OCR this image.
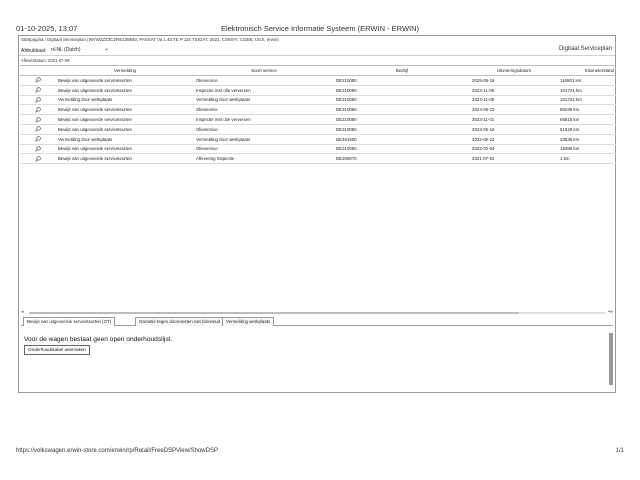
01-10-2025, 13:07	Elektronisch Service Informatie Systeem (ERWIN - ERWIN)
Startpagina / Digitaal Serviceplan (WVWZZZ3CZRE139540, PASSAT Va 1.4GTE P 115 TSI/2AT, 2021, CS6SYI, CGEB, UGS, erwin)
Afdrukbaal: nl-NL (Dutch)	⌄	Digitaal Serviceplan
Afleverdatum: 2021-07-09
	Vermelding	Soort service	Bedrijf	Uitvoeringsdatum	Kilometerstand

	Bewijs van uitgevoerde serviceteurten	Olieservice	DE210080	2025-06-16	116501 km

	Bewijs van uitgevoerde serviceteurten	Inspectie met olie verversen	DE210080	2024-11-08	101721 km

	Vermelding door werkplaats	Vermelding door werkplaats	DE210080	2024-11-08	101721 km

	Bewijs van uitgevoerde serviceteurten	Olieservice	DE210080	2024-05-23	85039 km

	Bewijs van uitgevoerde serviceteurten	Inspectie met olie verversen	DE210080	2023-11-01	65815 km

	Bewijs van uitgevoerde serviceteurten	Olieservice	DE210080	2023-05-16	51529 km

	Vermelding door werkplaats	Vermelding door werkplaats	DE451500	2022-05-24	33538 km

	Bewijs van uitgevoerde serviceteurten	Olieservice	DE210080	2022-02-04	16086 km

	Bewijs van uitgevoerde serviceteurten	Aflevering Inspectie	DE209070	2021-07-02	1 km
◂	▸
Bewijs van uitgevoerde serviceteurten (OT)	Garantie tegen doorroesten van binnenuit	Vermelding werkplaats
Voor de wagen bestaat geen open onderhoudslijst.
Onderhoudstabel aanmaken
▴
https://volkswagen.erwin-store.com/erwin/rp/Retail/FreeDSPView/ShowDSP	1/1
